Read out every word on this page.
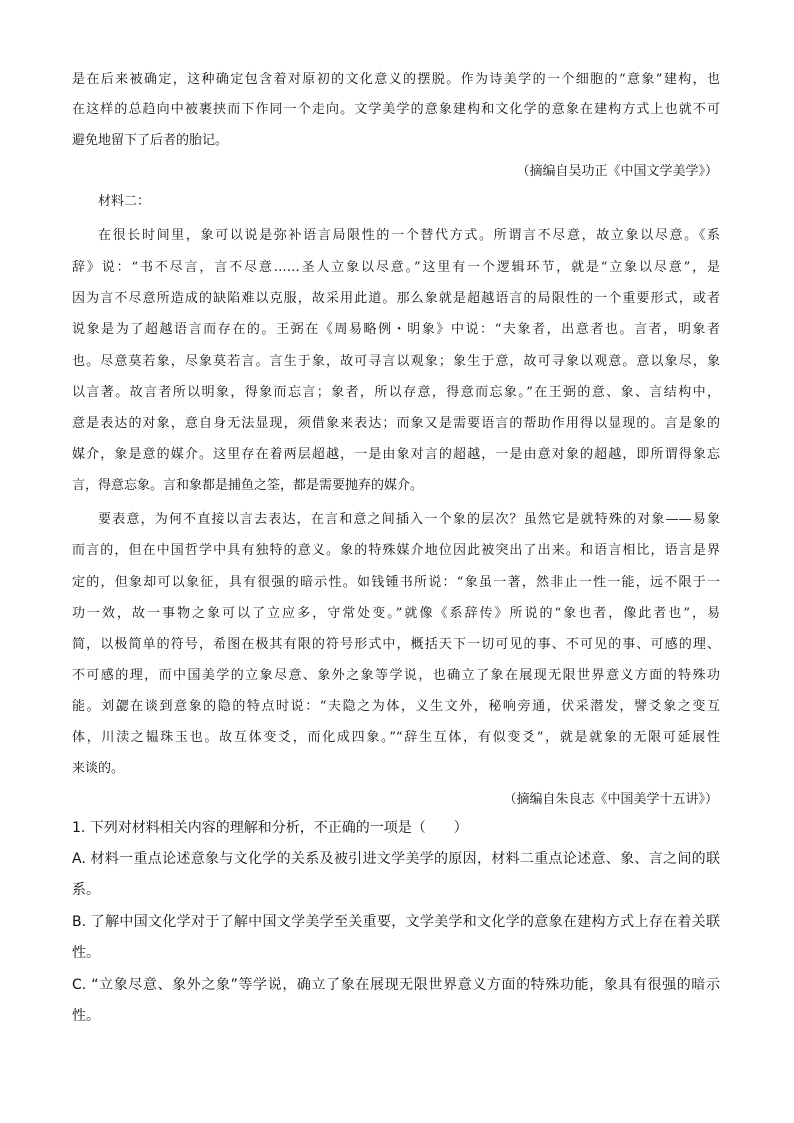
是在后来被确定，这种确定包含着对原初的文化意义的摆脱。作为诗美学的一个细胞的“意象”建构，也
在这样的总趋向中被裹挟而下作同一个走向。文学美学的意象建构和文化学的意象在建构方式上也就不可
避免地留下了后者的胎记。
（摘编自吴功正《中国文学美学》）
材料二：
在很长时间里，象可以说是弥补语言局限性的一个替代方式。所谓言不尽意，故立象以尽意。《系
辞》说：“书不尽言，言不尽意……圣人立象以尽意。”这里有一个逻辑环节，就是“立象以尽意”，是
因为言不尽意所造成的缺陷难以克服，故采用此道。那么象就是超越语言的局限性的一个重要形式，或者
说象是为了超越语言而存在的。王弼在《周易略例・明象》中说：“夫象者，出意者也。言者，明象者
也。尽意莫若象，尽象莫若言。言生于象，故可寻言以观象；象生于意，故可寻象以观意。意以象尽，象
以言著。故言者所以明象，得象而忘言；象者，所以存意，得意而忘象。”在王弼的意、象、言结构中，
意是表达的对象，意自身无法显现，须借象来表达；而象又是需要语言的帮助作用得以显现的。言是象的
媒介，象是意的媒介。这里存在着两层超越，一是由象对言的超越，一是由意对象的超越，即所谓得象忘
言，得意忘象。言和象都是捕鱼之筌，都是需要抛弃的媒介。
要表意，为何不直接以言去表达，在言和意之间插入一个象的层次？虽然它是就特殊的对象——易象
而言的，但在中国哲学中具有独特的意义。象的特殊媒介地位因此被突出了出来。和语言相比，语言是界
定的，但象却可以象征，具有很强的暗示性。如钱锺书所说：“象虽一著，然非止一性一能，远不限于一
功一效，故一事物之象可以了立应多，守常处变。”就像《系辞传》所说的“象也者，像此者也”，易
简，以极简单的符号，希图在极其有限的符号形式中，概括天下一切可见的事、不可见的事、可感的理、
不可感的理，而中国美学的立象尽意、象外之象等学说，也确立了象在展现无限世界意义方面的特殊功
能。刘勰在谈到意象的隐的特点时说：“夫隐之为体，义生文外，秘响旁通，伏采潜发，譬爻象之变互
体，川渎之韫珠玉也。故互体变爻，而化成四象。”“辞生互体，有似变爻”，就是就象的无限可延展性
来谈的。
（摘编自朱良志《中国美学十五讲》）
1. 下列对材料相关内容的理解和分析，不正确的一项是（　　）
A. 材料一重点论述意象与文化学的关系及被引进文学美学的原因，材料二重点论述意、象、言之间的联
系。
B. 了解中国文化学对于了解中国文学美学至关重要，文学美学和文化学的意象在建构方式上存在着关联
性。
C. “立象尽意、象外之象”等学说，确立了象在展现无限世界意义方面的特殊功能，象具有很强的暗示
性。
